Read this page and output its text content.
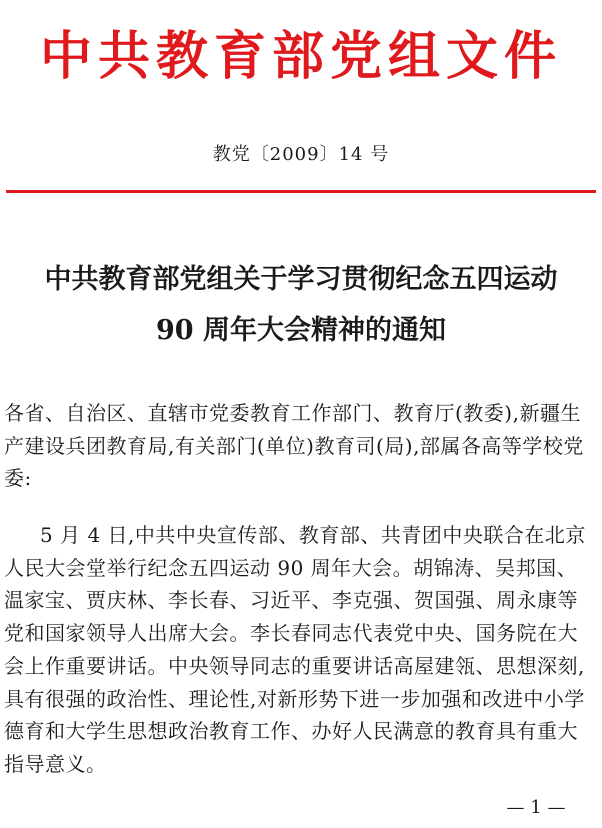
中共教育部党组文件
教党〔2009〕14 号
中共教育部党组关于学习贯彻纪念五四运动
90 周年大会精神的通知
各省、自治区、直辖市党委教育工作部门、教育厅(教委),新疆生产建设兵团教育局,有关部门(单位)教育司(局),部属各高等学校党委:
5 月 4 日,中共中央宣传部、教育部、共青团中央联合在北京人民大会堂举行纪念五四运动 90 周年大会。胡锦涛、吴邦国、温家宝、贾庆林、李长春、习近平、李克强、贺国强、周永康等党和国家领导人出席大会。李长春同志代表党中央、国务院在大会上作重要讲话。中央领导同志的重要讲话高屋建瓴、思想深刻,具有很强的政治性、理论性,对新形势下进一步加强和改进中小学德育和大学生思想政治教育工作、办好人民满意的教育具有重大指导意义。
— 1 —
